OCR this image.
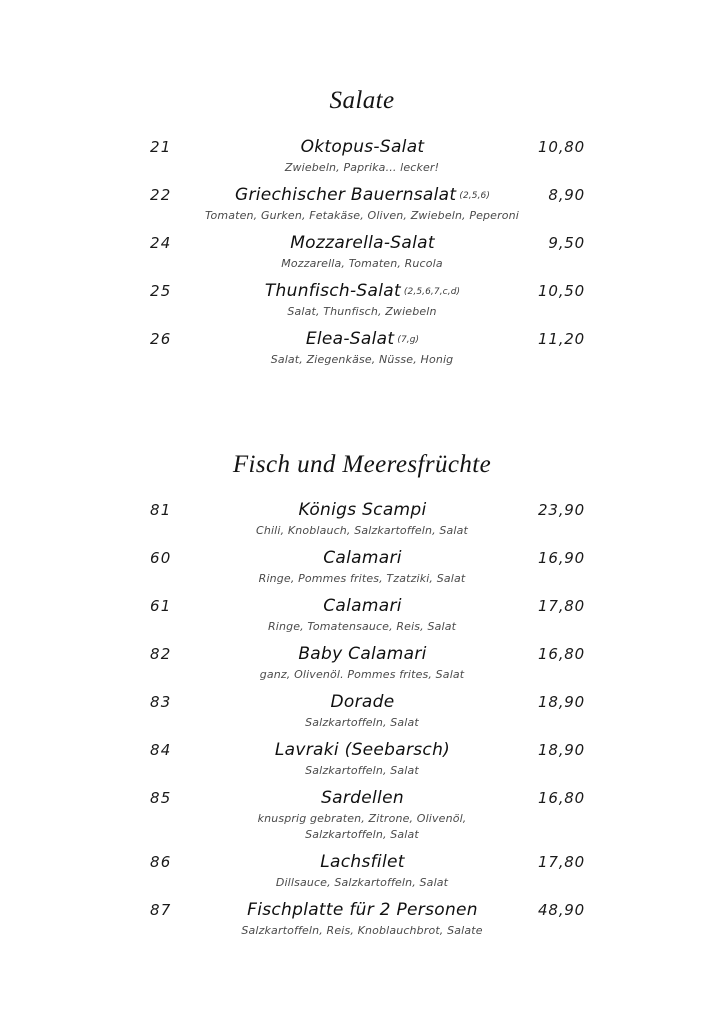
Salate
21	Oktopus-Salat	10,80
Zwiebeln, Paprika... lecker!
22	Griechischer Bauernsalat (2,5,6)	8,90
Tomaten, Gurken, Fetakäse, Oliven, Zwiebeln, Peperoni
24	Mozzarella-Salat	9,50
Mozzarella, Tomaten, Rucola
25	Thunfisch-Salat (2,5,6,7,c,d)	10,50
Salat, Thunfisch, Zwiebeln
26	Elea-Salat (7,g)	11,20
Salat, Ziegenkäse, Nüsse, Honig
Fisch und Meeresfrüchte
81	Königs Scampi	23,90
Chili, Knoblauch, Salzkartoffeln, Salat
60	Calamari	16,90
Ringe, Pommes frites, Tzatziki, Salat
61	Calamari	17,80
Ringe, Tomatensauce, Reis, Salat
82	Baby Calamari	16,80
ganz, Olivenöl. Pommes frites, Salat
83	Dorade	18,90
Salzkartoffeln, Salat
84	Lavraki (Seebarsch)	18,90
Salzkartoffeln, Salat
85	Sardellen	16,80
knusprig gebraten, Zitrone, Olivenöl,
Salzkartoffeln, Salat
86	Lachsfilet	17,80
Dillsauce, Salzkartoffeln, Salat
87	Fischplatte für 2 Personen	48,90
Salzkartoffeln, Reis, Knoblauchbrot, Salate
